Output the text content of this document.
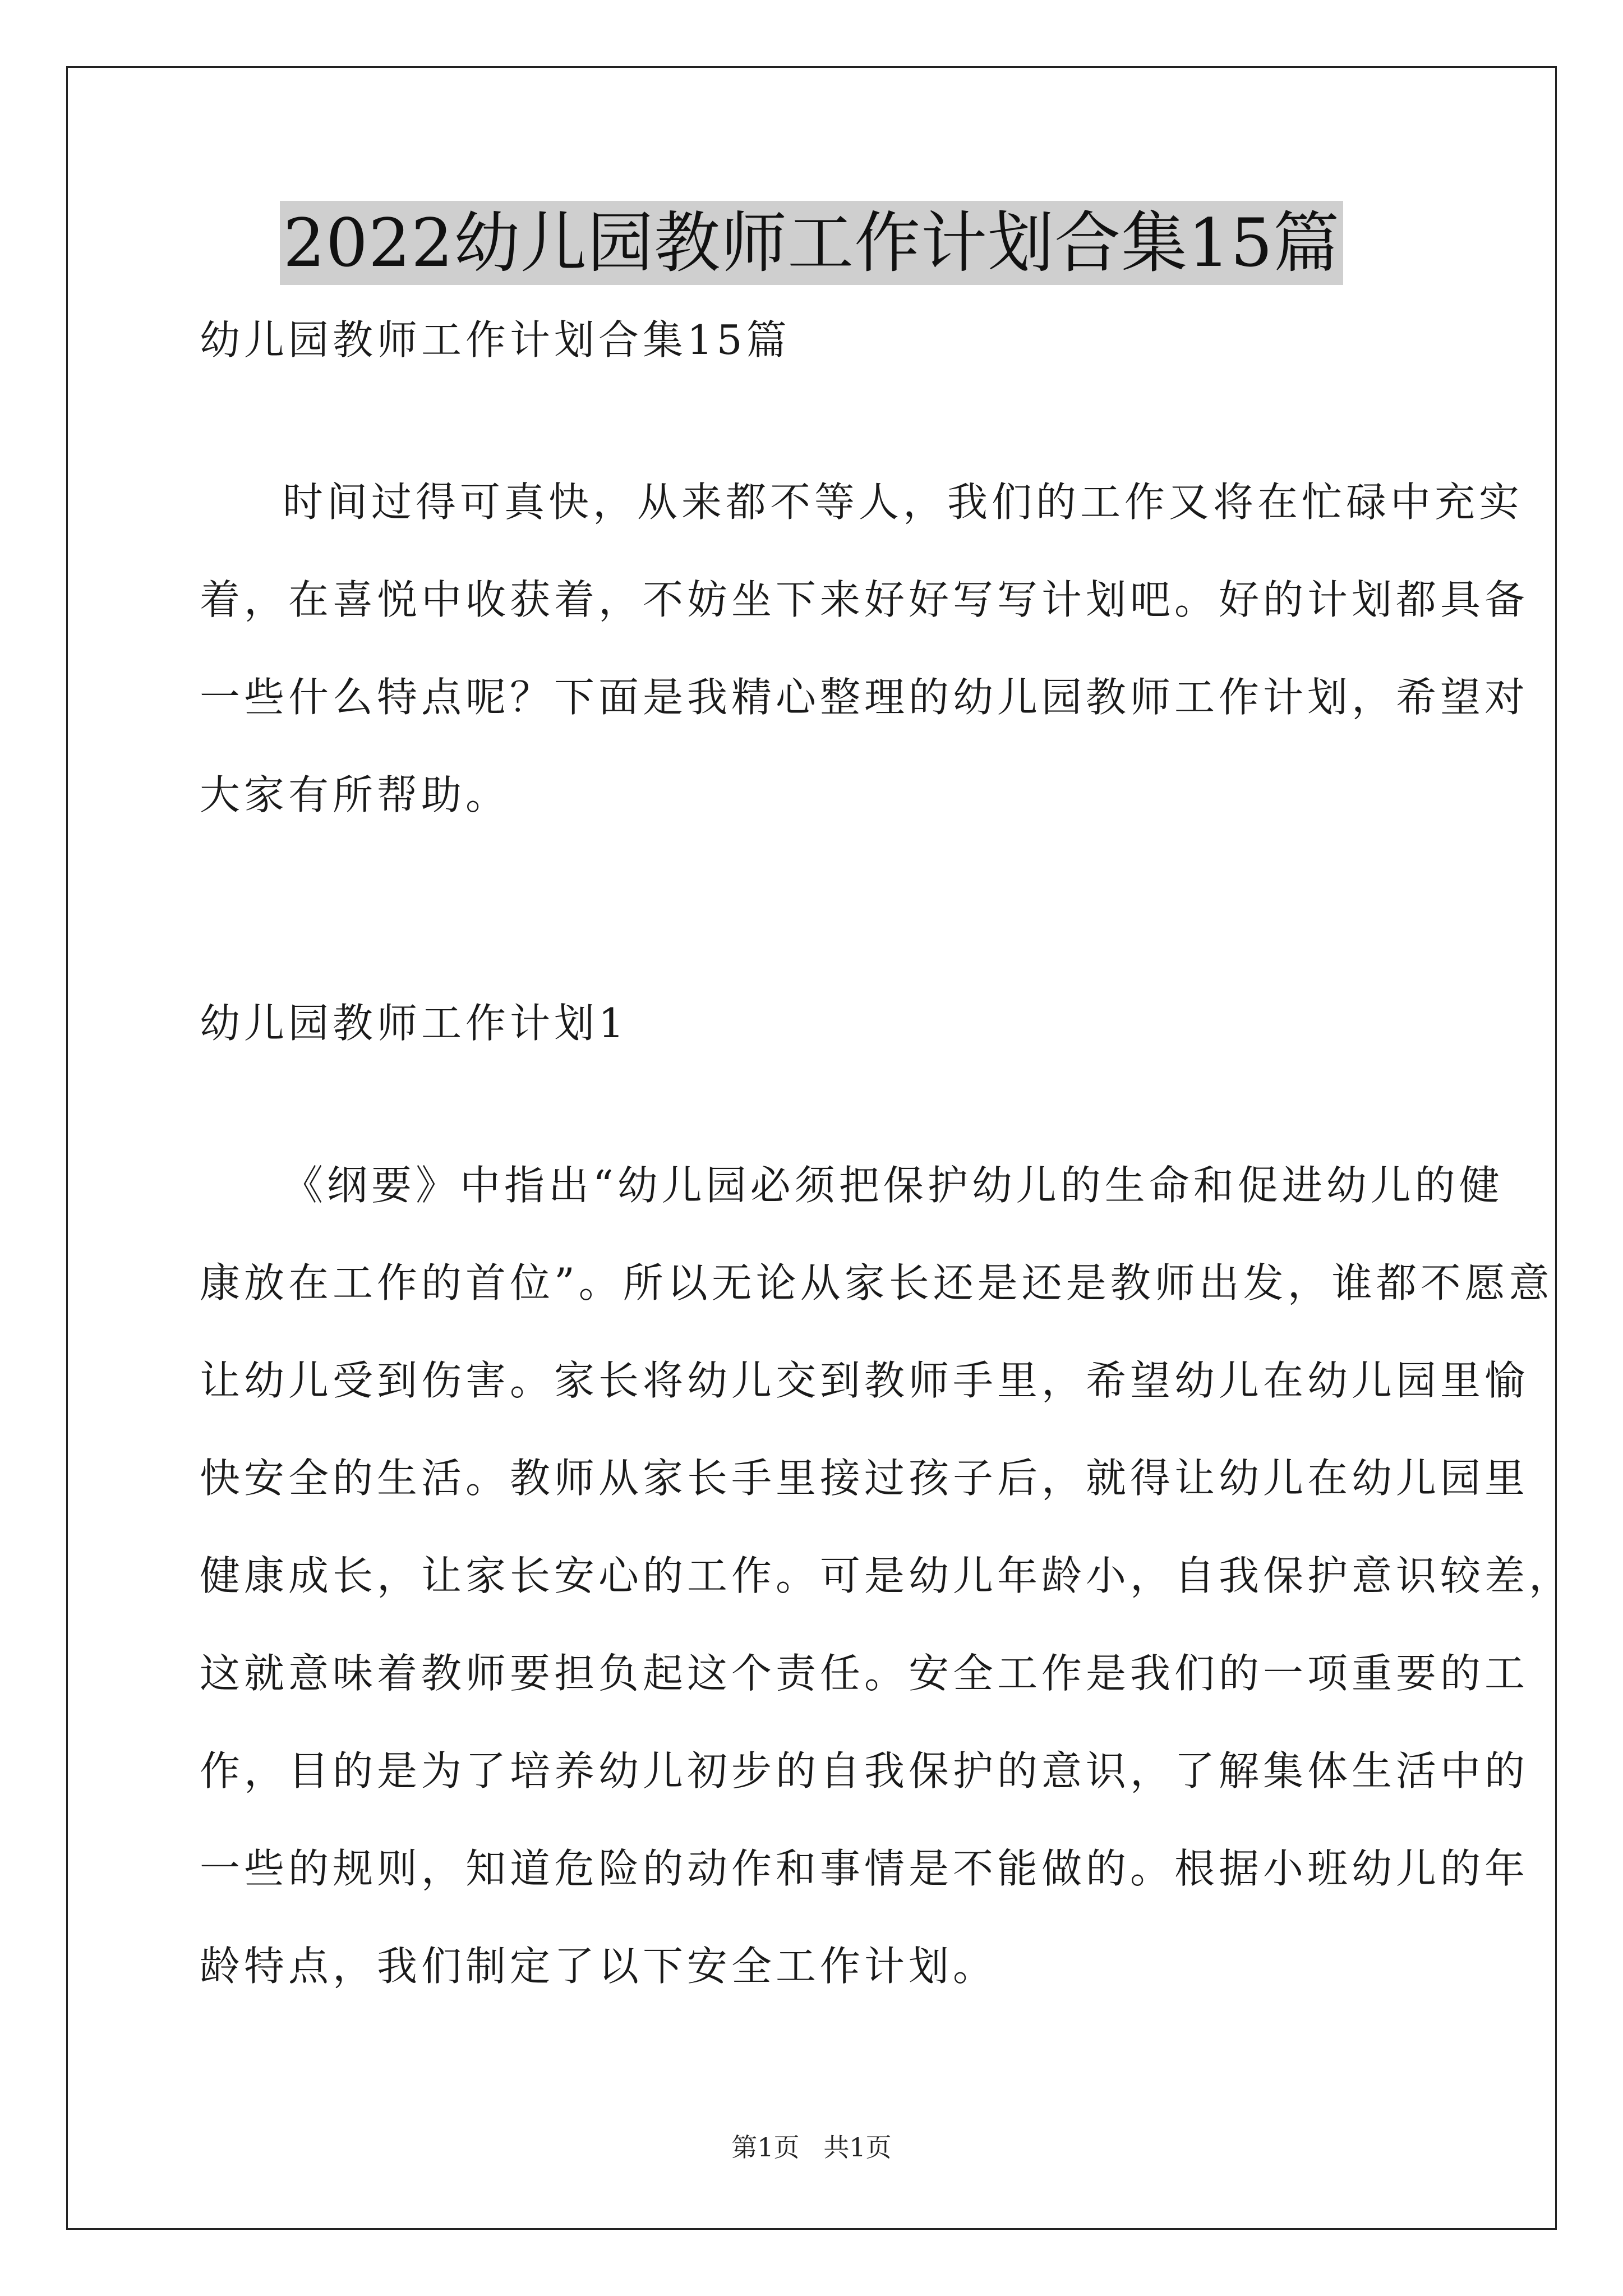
2022幼儿园教师工作计划合集15篇
幼儿园教师工作计划合集15篇
时间过得可真快，从来都不等人，我们的工作又将在忙碌中充实
着，在喜悦中收获着，不妨坐下来好好写写计划吧。好的计划都具备
一些什么特点呢？下面是我精心整理的幼儿园教师工作计划，希望对
大家有所帮助。
幼儿园教师工作计划1
《纲要》中指出“幼儿园必须把保护幼儿的生命和促进幼儿的健
康放在工作的首位”。所以无论从家长还是还是教师出发，谁都不愿意
让幼儿受到伤害。家长将幼儿交到教师手里，希望幼儿在幼儿园里愉
快安全的生活。教师从家长手里接过孩子后，就得让幼儿在幼儿园里
健康成长，让家长安心的工作。可是幼儿年龄小，自我保护意识较差，
这就意味着教师要担负起这个责任。安全工作是我们的一项重要的工
作，目的是为了培养幼儿初步的自我保护的意识，了解集体生活中的
一些的规则，知道危险的动作和事情是不能做的。根据小班幼儿的年
龄特点，我们制定了以下安全工作计划。
第1页 共1页
